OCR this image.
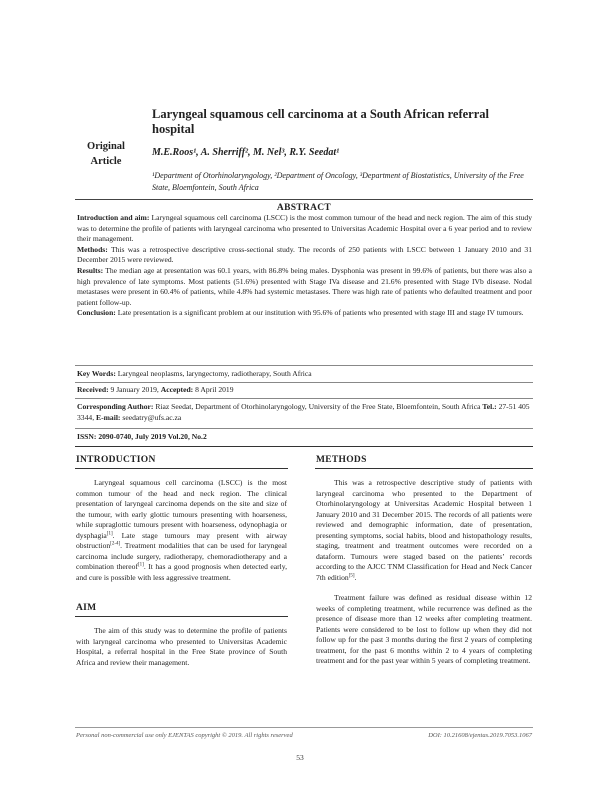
Original Article
Laryngeal squamous cell carcinoma at a South African referral hospital
M.E.Roos¹, A. Sherriff², M. Nel³, R.Y. Seedat¹
¹Department of Otorhinolaryngology, ²Department of Oncology, ³Department of Biostatistics, University of the Free State, Bloemfontein, South Africa
ABSTRACT

Introduction and aim: Laryngeal squamous cell carcinoma (LSCC) is the most common tumour of the head and neck region. The aim of this study was to determine the profile of patients with laryngeal carcinoma who presented to Universitas Academic Hospital over a 6 year period and to review their management.

Methods: This was a retrospective descriptive cross-sectional study. The records of 250 patients with LSCC between 1 January 2010 and 31 December 2015 were reviewed.

Results: The median age at presentation was 60.1 years, with 86.8% being males. Dysphonia was present in 99.6% of patients, but there was also a high prevalence of late symptoms. Most patients (51.6%) presented with Stage IVa disease and 21.6% presented with Stage IVb disease. Nodal metastases were present in 60.4% of patients, while 4.8% had systemic metastases. There was high rate of patients who defaulted treatment and poor patient follow-up.

Conclusion: Late presentation is a significant problem at our institution with 95.6% of patients who presented with stage III and stage IV tumours.

Key Words: Laryngeal neoplasms, laryngectomy, radiotherapy, South Africa
Received: 9 January 2019, Accepted: 8 April 2019
Corresponding Author: Riaz Seedat, Department of Otorhinolaryngology, University of the Free State, Bloemfontein, South Africa Tel.: 27-51 405 3344, E-mail: seedatry@ufs.ac.za
ISSN: 2090-0740, July 2019 Vol.20, No.2
INTRODUCTION

Laryngeal squamous cell carcinoma (LSCC) is the most common tumour of the head and neck region. The clinical presentation of laryngeal carcinoma depends on the site and size of the tumour, with early glottic tumours presenting with hoarseness, while supraglottic tumours present with hoarseness, odynophagia or dysphagia[1]. Late stage tumours may present with airway obstruction[2-4]. Treatment modalities that can be used for laryngeal carcinoma include surgery, radiotherapy, chemoradiotherapy and a combination thereof[1]. It has a good prognosis when detected early, and cure is possible with less aggressive treatment.

AIM

The aim of this study was to determine the profile of patients with laryngeal carcinoma who presented to Universitas Academic Hospital, a referral hospital in the Free State province of South Africa and review their management.

METHODS

This was a retrospective descriptive study of patients with laryngeal carcinoma who presented to the Department of Otorhinolaryngology at Universitas Academic Hospital between 1 January 2010 and 31 December 2015. The records of all patients were reviewed and demographic information, date of presentation, presenting symptoms, social habits, blood and histopathology results, staging, treatment and treatment outcomes were recorded on a dataform. Tumours were staged based on the patients’ records according to the AJCC TNM Classification for Head and Neck Cancer 7th edition[5].

Treatment failure was defined as residual disease within 12 weeks of completing treatment, while recurrence was defined as the presence of disease more than 12 weeks after completing treatment. Patients were considered to be lost to follow up when they did not follow up for the past 3 months during the first 2 years of completing treatment, for the past 6 months within 2 to 4 years of completing treatment and for the past year within 5 years of completing treatment.

Personal non-commercial use only EJENTAS copyright © 2019. All rights reserved	DOI: 10.21608/ejentas.2019.7053.1067
53
